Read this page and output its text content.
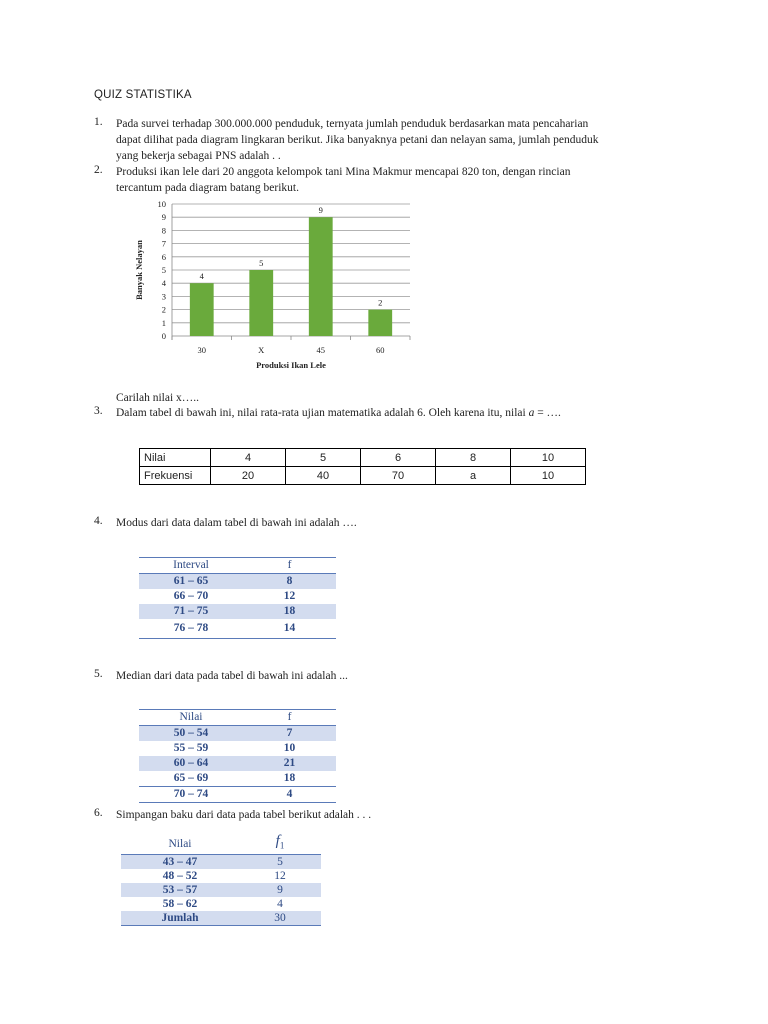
QUIZ STATISTIKA
1. Pada survei terhadap 300.000.000 penduduk, ternyata jumlah penduduk berdasarkan mata pencaharian
dapat dilihat pada diagram lingkaran berikut. Jika banyaknya petani dan nelayan sama, jumlah penduduk
yang bekerja sebagai PNS adalah . .
2. Produksi ikan lele dari 20 anggota kelompok tani Mina Makmur mencapai 820 ton, dengan rincian
tercantum pada diagram batang berikut.
0
1
2
3
4
5
6
7
8
9
10
4
30
5
X
9
45
2
60
Produksi Ikan Lele
Banyak Nelayan
Carilah nilai x…..
3. Dalam tabel di bawah ini, nilai rata-rata ujian matematika adalah 6. Oleh karena itu, nilai a = ….
Nilai	4	5	6	8	10
Frekuensi	20	40	70	a	10
4. Modus dari data dalam tabel di bawah ini adalah ….
Interval	f
61 – 65	8
66 – 70	12
71 – 75	18
76 – 78	14
5. Median dari data pada tabel di bawah ini adalah ...
Nilai	f
50 – 54	7
55 – 59	10
60 – 64	21
65 – 69	18
70 – 74	4
6. Simpangan baku dari data pada tabel berikut adalah . . .
Nilai	$f_1$
43 – 47	5
48 – 52	12
53 – 57	9
58 – 62	4
Jumlah	30
